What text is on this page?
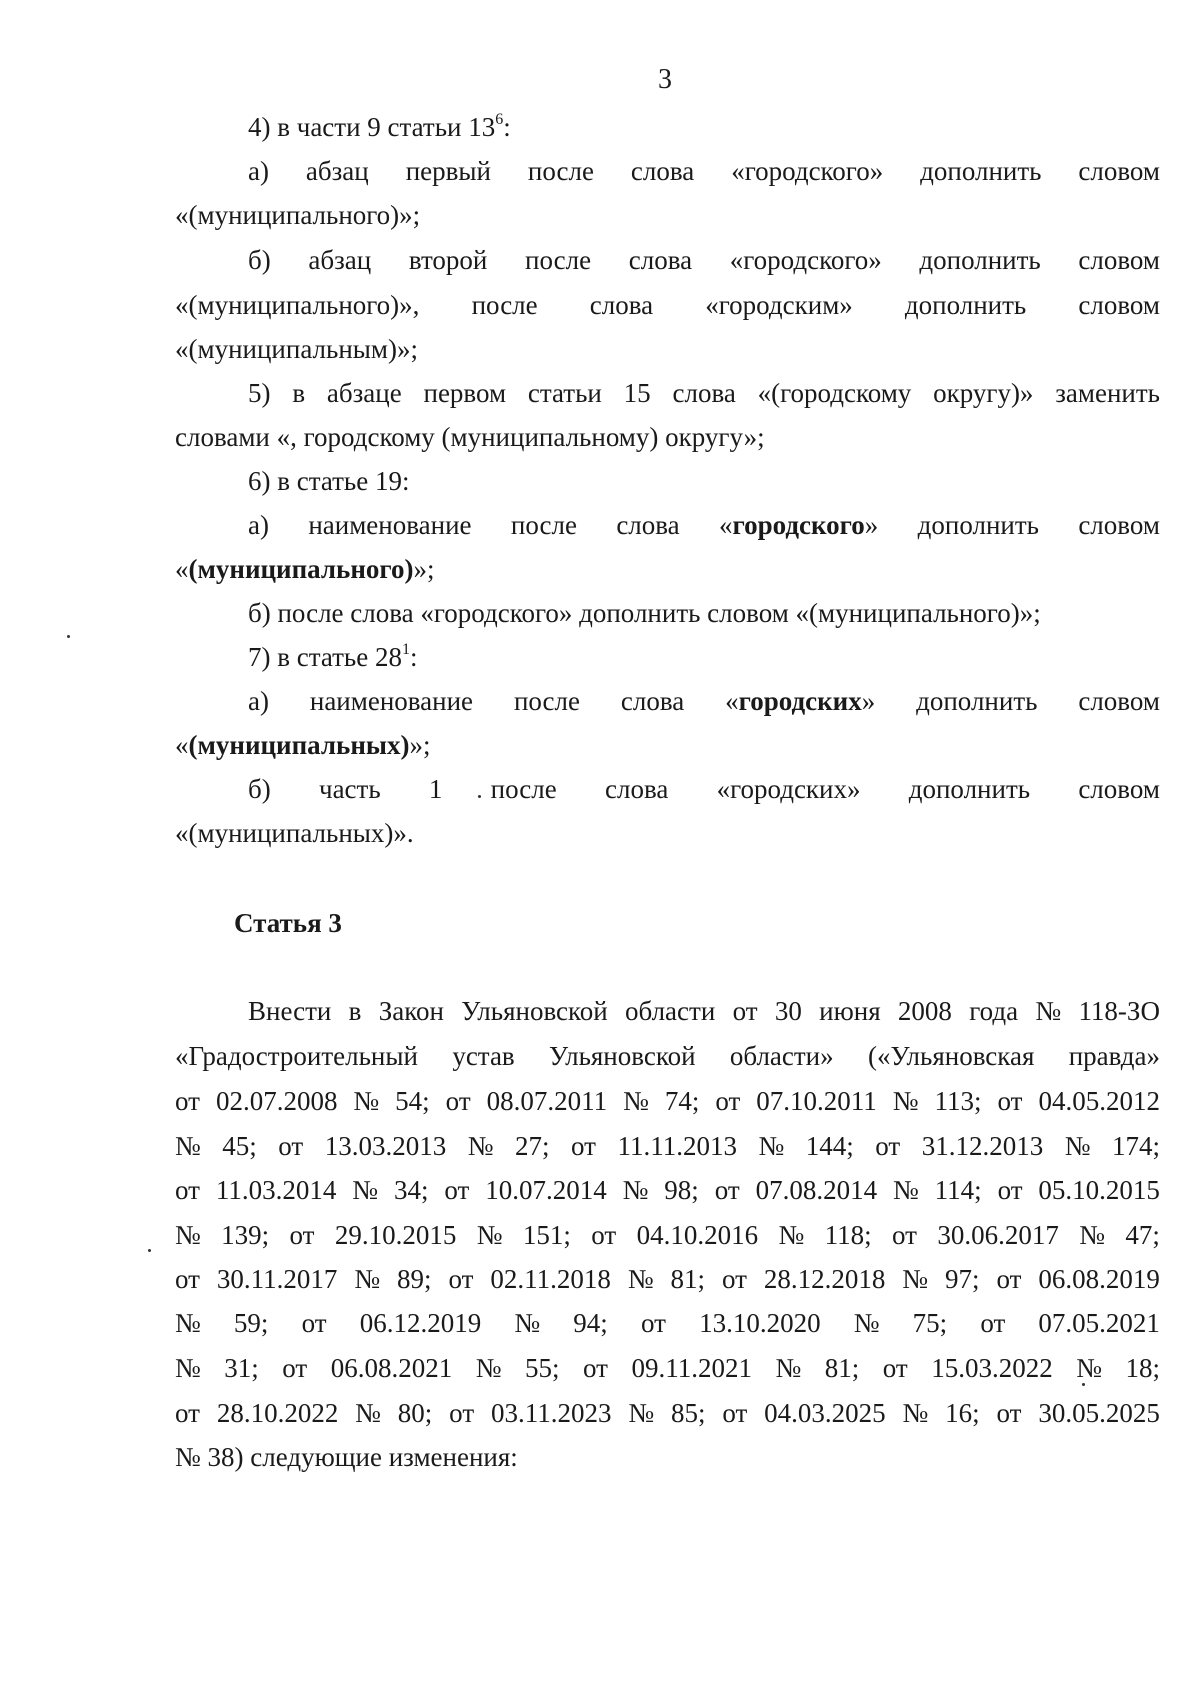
3
4) в части 9 статьи $13^6$:
а) абзац первый после слова «городского» дополнить словом
«(муниципального)»;
б) абзац второй после слова «городского» дополнить словом
«(муниципального)», после слова «городским» дополнить словом
«(муниципальным)»;
5) в абзаце первом статьи 15 слова «(городскому округу)» заменить
словами «, городскому (муниципальному) округу»;
6) в статье 19:
а) наименование после слова «городского» дополнить словом
«(муниципального)»;
б) после слова «городского» дополнить словом «(муниципального)»;
7) в статье $28^1$:
а) наименование после слова «городских» дополнить словом
«(муниципальных)»;
б) часть 1 после слова «городских» дополнить словом
«(муниципальных)».
Статья 3
Внести в Закон Ульяновской области от 30 июня 2008 года № 118-ЗО
«Градостроительный устав Ульяновской области» («Ульяновская правда»
от 02.07.2008 № 54; от 08.07.2011 № 74; от 07.10.2011 № 113; от 04.05.2012
№ 45; от 13.03.2013 № 27; от 11.11.2013 № 144; от 31.12.2013 № 174;
от 11.03.2014 № 34; от 10.07.2014 № 98; от 07.08.2014 № 114; от 05.10.2015
№ 139; от 29.10.2015 № 151; от 04.10.2016 № 118; от 30.06.2017 № 47;
от 30.11.2017 № 89; от 02.11.2018 № 81; от 28.12.2018 № 97; от 06.08.2019
№ 59; от 06.12.2019 № 94; от 13.10.2020 № 75; от 07.05.2021
№ 31; от 06.08.2021 № 55; от 09.11.2021 № 81; от 15.03.2022 № 18;
от 28.10.2022 № 80; от 03.11.2023 № 85; от 04.03.2025 № 16; от 30.05.2025
№ 38) следующие изменения:
